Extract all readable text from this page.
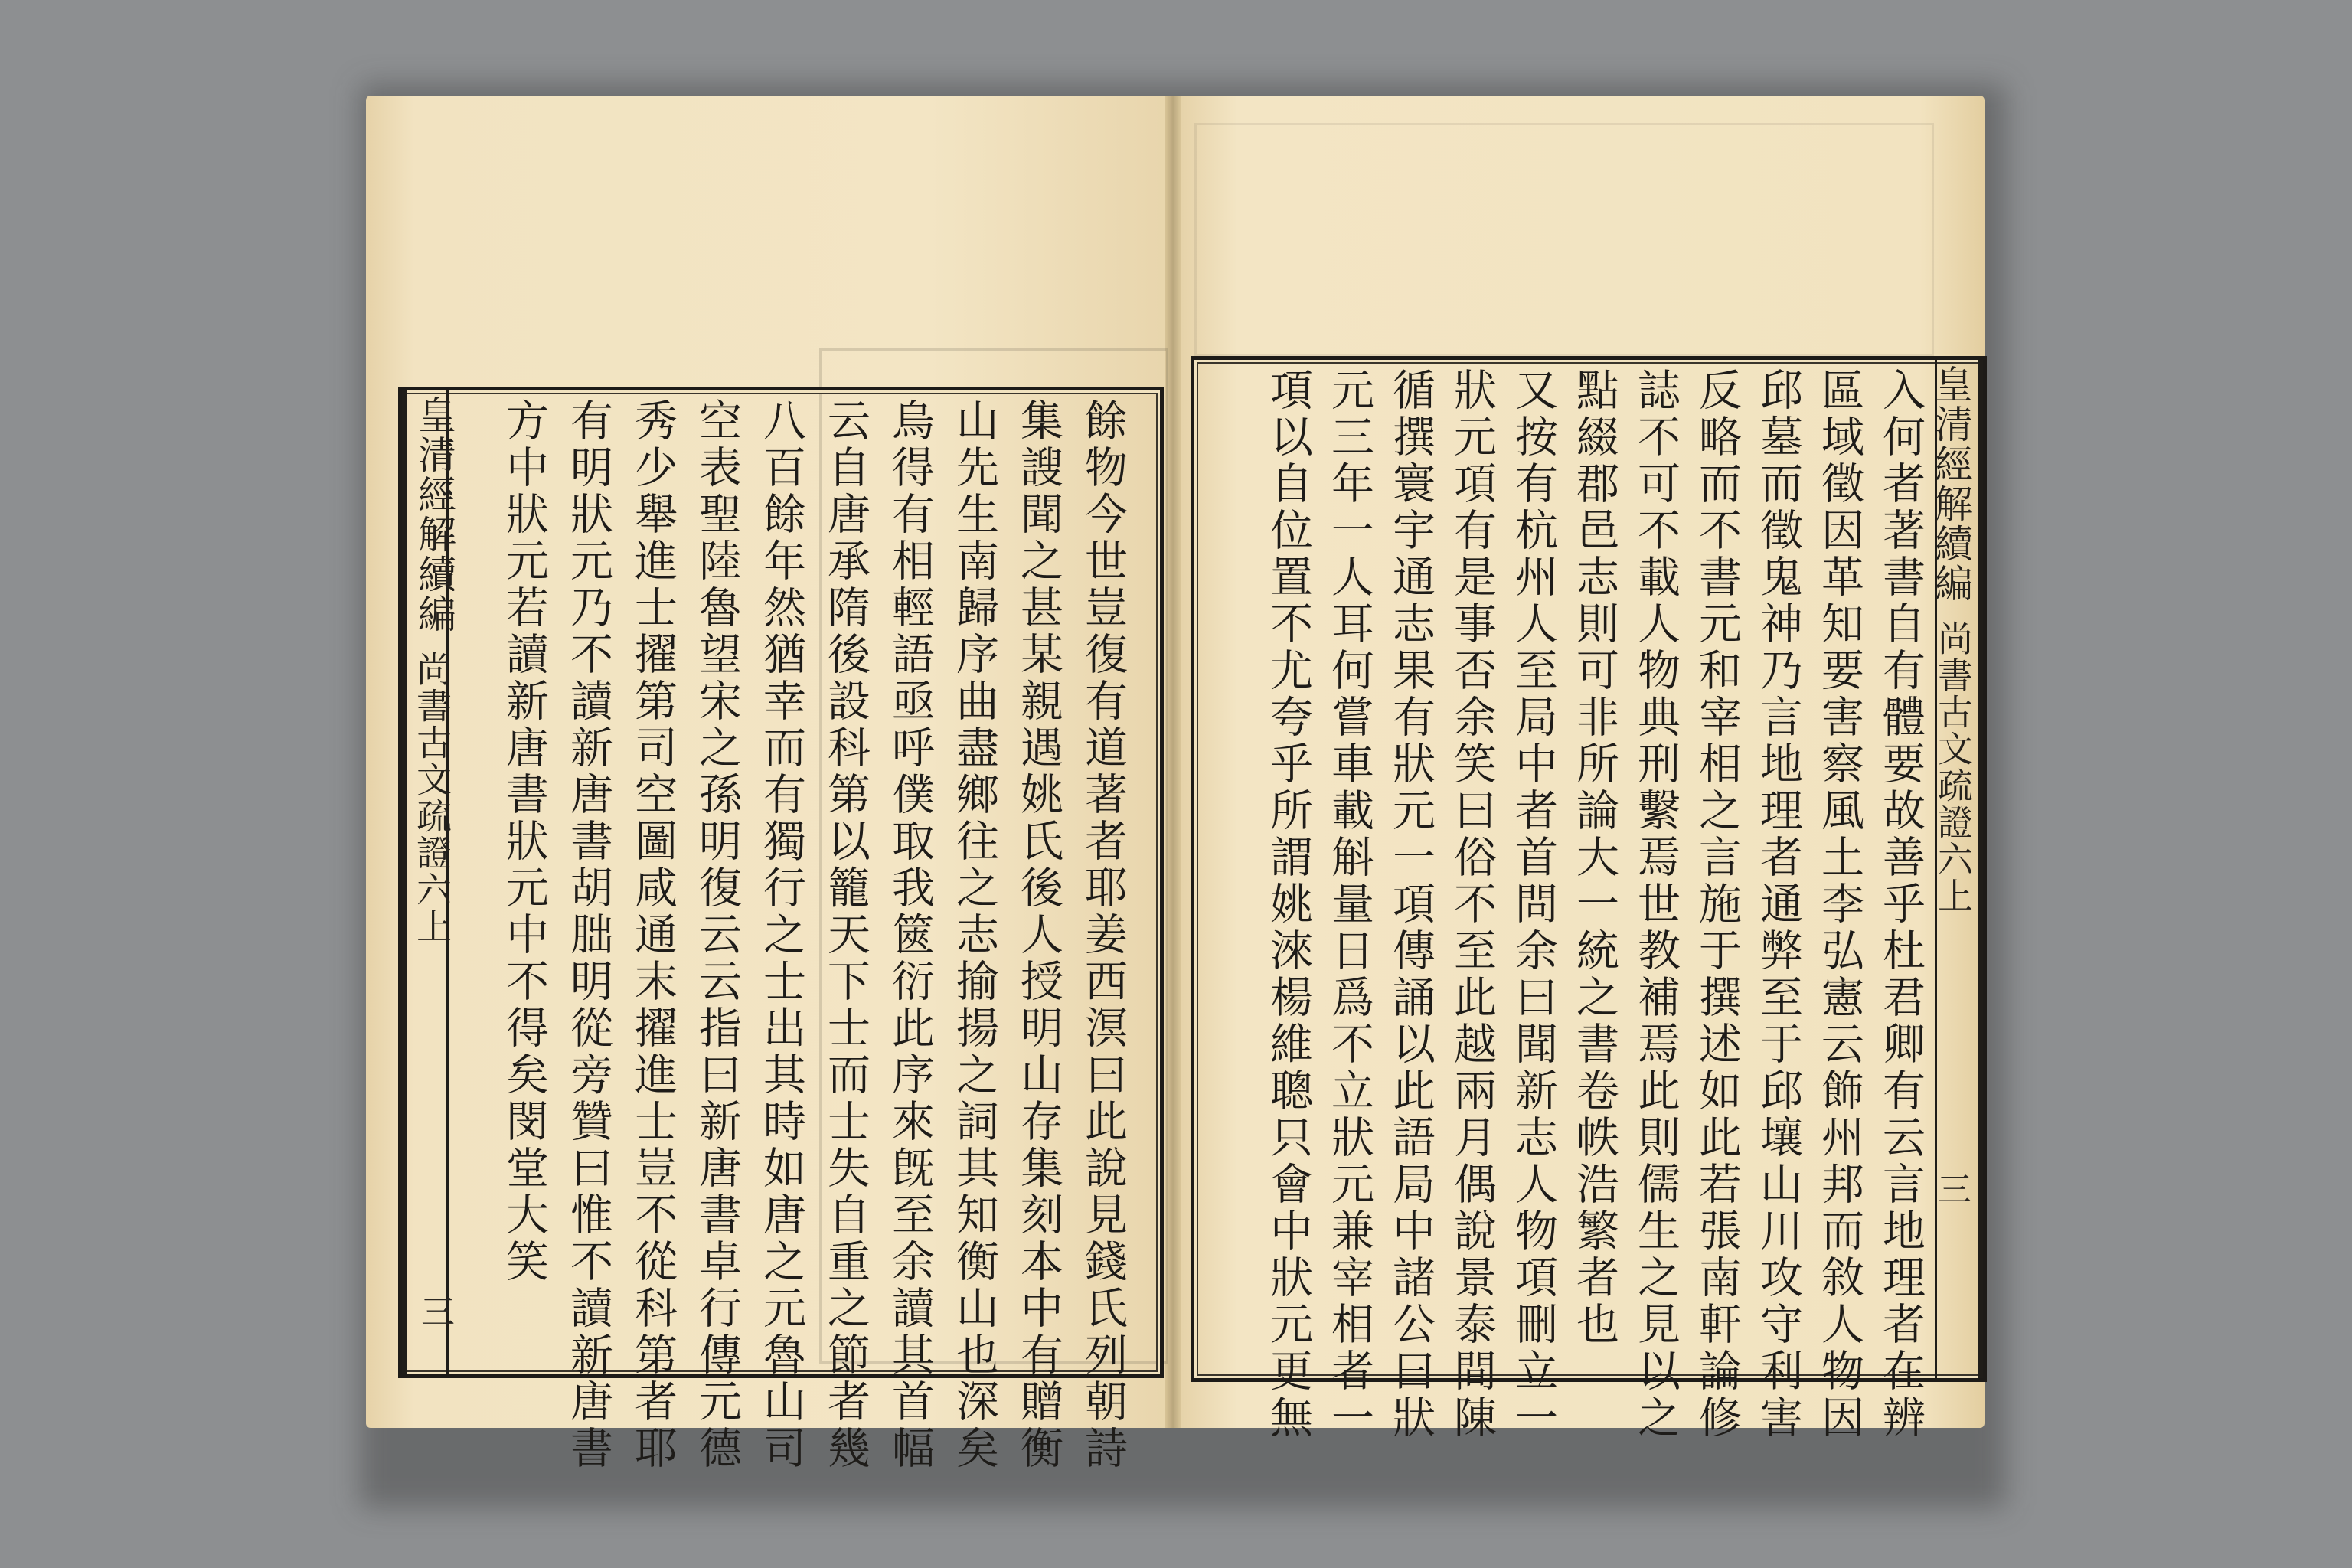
皇清經解續編
尚書古文疏證六上
三	餘物今世豈復有道著者耶姜西溟曰此說見錢氏列朝詩
集謏聞之甚某親遇姚氏後人授明山存集刻本中有贈衡
山先生南歸序曲盡鄉往之志揄揚之詞其知衡山也深矣
烏得有相輕語亟呼僕取我篋衍此序來旣至余讀其首幅
云自唐承隋後設科第以籠天下士而士失自重之節者幾
八百餘年然猶幸而有獨行之士出其時如唐之元魯山司
空表聖陸魯望宋之孫明復云云指曰新唐書卓行傳元德
秀少舉進士擢第司空圖咸通末擢進士豈不從科第者耶
有明狀元乃不讀新唐書胡朏明從旁贊曰惟不讀新唐書
方中狀元若讀新唐書狀元中不得矣閔堂大笑	皇清經解續編
尚書古文疏證六上
三
入何者著書自有體要故善乎杜君卿有云言地理者在辨
區域徵因革知要害察風土李弘憲云飾州邦而敘人物因
邱墓而徵鬼神乃言地理者通弊至于邱壤山川攻守利害
反略而不書元和宰相之言施于撰述如此若張南軒論修
誌不可不載人物典刑繫焉世教補焉此則儒生之見以之
點綴郡邑志則可非所論大一統之書卷帙浩繁者也
又按有杭州人至局中者首問余曰聞新志人物項刪立一
狀元項有是事否余笑曰俗不至此越兩月偶說景泰間陳
循撰寰宇通志果有狀元一項傳誦以此語局中諸公曰狀
元三年一人耳何嘗車載斛量日爲不立狀元兼宰相者一
項以自位置不尤夸乎所謂姚淶楊維聰只會中狀元更無
